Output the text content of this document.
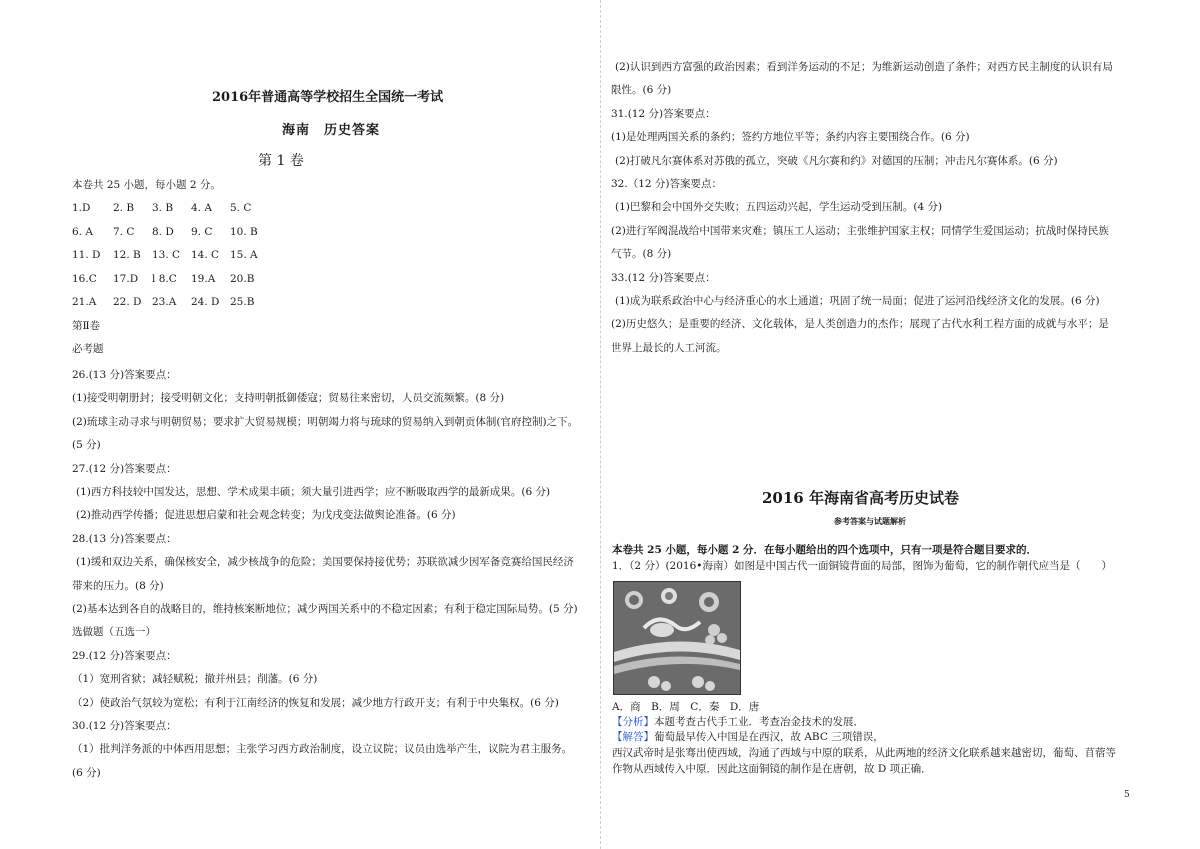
2016年普通高等学校招生全国统一考试
海南　历史答案
第 1 卷
本卷共 25 小题，每小题 2 分。
1.D 2. B 3. B 4. A 5. C
6. A 7. C 8. D 9. C 10. B
11. D 12. B 13. C 14. C 15. A
16.C 17.D l 8.C 19.A 20.B
21.A 22. D 23.A 24. D 25.B
第Ⅱ卷
必考题
26.(13 分)答案要点：
(1)接受明朝册封；接受明朝文化；支持明朝抵御倭寇；贸易往来密切，人员交流频繁。(8 分)
(2)琉球主动寻求与明朝贸易；要求扩大贸易规模；明朝竭力将与琉球的贸易纳入到朝贡体制(官府控制)之下。
(5 分)
27.(12 分)答案要点：
(1)西方科技较中国发达，思想、学术成果丰硕；须大量引进西学；应不断吸取西学的最新成果。(6 分)
(2)推动西学传播；促进思想启蒙和社会观念转变；为戊戌变法做舆论准备。(6 分)
28.(13 分)答案要点：
(1)缓和双边关系，确保核安全，减少核战争的危险；美国要保持接优势；苏联欲减少因军备竞赛给国民经济
带来的压力。(8 分)
(2)基本达到各自的战略目的，维持核案断地位；减少两国关系中的不稳定因素；有利于稳定国际局势。(5 分)
选做题（五选一）
29.(12 分)答案要点：
（1）宽刑省狱；减轻赋税；撤并州县；削藩。(6 分)
（2）使政治气氛较为宽松；有利于江南经济的恢复和发展；减少地方行政开支；有利于中央集权。(6 分)
30.(12 分)答案要点：
（1）批判洋务派的中体西用思想；主张学习西方政治制度，设立议院；议员由选举产生，议院为君主服务。
(6 分)
(2)认识到西方富强的政治因素；看到洋务运动的不足；为维新运动创造了条件；对西方民主制度的认识有局
限性。(6 分)
31.(12 分)答案要点：
(1)是处理两国关系的条约；签约方地位平等；条约内容主要围绕合作。(6 分)
(2)打破凡尔赛体系对苏俄的孤立，突破《凡尔赛和约》对德国的压制；冲击凡尔赛体系。(6 分)
32.（12 分)答案要点：
(1)巴黎和会中国外交失败；五四运动兴起，学生运动受到压制。(4 分)
(2)进行军阀混战给中国带来灾难；镇压工人运动；主张维护国家主权；同情学生爱国运动；抗战时保持民族
气节。(8 分)
33.(12 分)答案要点：
(1)成为联系政治中心与经济重心的水上通道；巩固了统一局面；促进了运河沿线经济文化的发展。(6 分)
(2)历史悠久；是重要的经济、文化载体，是人类创造力的杰作；展现了古代水利工程方面的成就与水平；是
世界上最长的人工河流。
2016 年海南省高考历史试卷
参考答案与试题解析
本卷共 25 小题，每小题 2 分．在每小题给出的四个选项中，只有一项是符合题目要求的．
1．（2 分）(2016•海南）如图是中国古代一面铜镜背面的局部，图饰为葡萄，它的制作朝代应当是（　　）
A．商　B．周　C．秦　D．唐
【分析】本题考查古代手工业．考查冶金技术的发展．
【解答】葡萄最早传入中国是在西汉，故 ABC 三项错误，
西汉武帝时是张骞出使西域，沟通了西域与中原的联系，从此两地的经济文化联系越来越密切，葡萄、苜蓿等
作物从西域传入中原．因此这面铜镜的制作是在唐朝，故 D 项正确．
5
